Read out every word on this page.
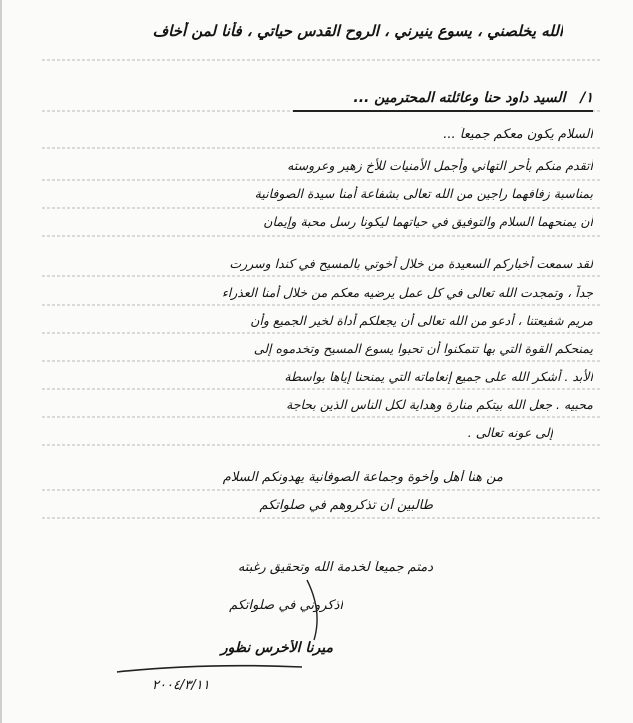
الله يخلصني ، يسوع ينيرني ، الروح القدس حياتي ، فأنا لمن أخاف
١/ السيد داود حنا وعائلته المحترمين ...
السلام يكون معكم جميعاً ...
أتقدم منكم بأحر التهاني وأجمل الأمنيات للأخ زهير وعروسته
بمناسبة زفافهما راجين من الله تعالى بشفاعة أمنا سيدة الصوفانية
أن يمنحهما السلام والتوفيق في حياتهما ليكونا رسل محبة وإيمان
لقد سمعت أخباركم السعيدة من خلال أخوتي بالمسيح في كندا وسررت
جداً ، وتمجدت الله تعالى في كل عمل يرضيه معكم من خلال أمنا العذراء
مريم شفيعتنا ، أدعو من الله تعالى أن يجعلكم أداة لخير الجميع وأن
يمنحكم القوة التي بها تتمكنوا أن تحبوا يسوع المسيح وتخدموه إلى
الأبد . أشكر الله على جميع إنعاماته التي يمنحنا إياها بواسطة
محبيه . جعل الله بيتكم منارة وهداية لكل الناس الذين بحاجة
إلى عونه تعالى .
من هنا أهل وأخوة وجماعة الصوفانية يهدونكم السلام
طالبين أن تذكروهم في صلواتكم
دمتم جميعاً لخدمة الله وتحقيق رغبته
اذكروني في صلواتكم
ميرنا الأخرس نظور
٢٠٠٤/٣/١١
